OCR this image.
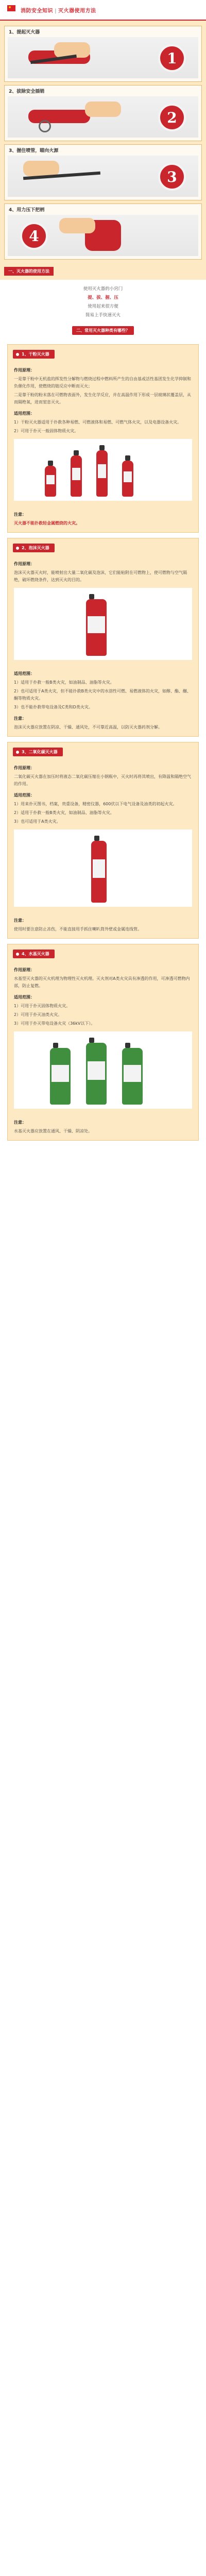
消防安全知识 | 灭火器使用方法
1、提起灭火器
1
2、拔除安全插销
2
3、握住喷管，瞄向火源
3
4、用力压下把柄
4
一、灭火器的使用方法
使用灭火器的小窍门
提、拔、握、压
使用起来很方便
简易上手快速灭火
二、常用灭火器种类有哪些？
1、干粉灭火器
作用原理：

一是靠干粉中无机盐的挥发性分解物与燃烧过程中燃料所产生的自由基或活性基团发生化学抑制和负催化作用，使燃烧的链反应中断而灭火；

二是靠干粉的粉末落在可燃物表面外，发生化学反应，并在高温作用下形成一层玻璃状覆盖层，从而隔绝氧，进而窒息灭火。

适用范围：

1）干粉灭火器适用于扑救各种易燃、可燃液体和易燃、可燃气体火灾，以及电器设备火灾。

2）可用于扑灭一般固体物质火灾。

注意：

灭火器不能扑救轻金属燃烧的火灾。

2、泡沫灭火器
作用原理：

泡沫灭火器灭火时，能喷射出大量二氧化碳及泡沫，它们能粘附在可燃物上，使可燃物与空气隔绝，破坏燃烧条件，达到灭火的目的。

适用范围：

1）适用于扑救一般B类火灾，如油制品、油脂等火灾。

2）也可适用于A类火灾，但不能扑救B类火灾中的水溶性可燃、易燃液体的火灾，如醇、酯、醚、酮等物质火灾。

3）也不能扑救带电设备及C类和D类火灾。

注意：

泡沫灭火器应放置在阴凉、干燥、通风处，不可靠近高温，以防灭火器药剂分解。

3、二氧化碳灭火器
作用原理：

二氧化碳灭火器在加压时将液态二氧化碳压缩在小钢瓶中，灭火时再将其喷出，有降温和隔绝空气的作用。

适用范围：

1）用来扑灭图书，档案，贵重设备，精密仪器，600伏以下电气设备及油类的初起火灾。

2）适用于扑救一般B类火灾，如油制品、油脂等火灾。

3）也可适用于A类火灾。

注意：

使用时要注意防止冻伤，不能直接用手抓住喇叭筒外壁或金属连线管。

4、水基灭火器
作用原理：

水基型灭火器的灭火机理为物理性灭火机理。灭火剂对A类火灾具有渗透的作用，可渗透可燃物内部，防止复燃。

适用范围：

1）可用于扑灭固体物质火灾。

2）可用于扑灭油类火灾。

3）可用于扑灭带电设备火灾（36kV以下）。

注意：

水基灭火器应放置在通风、干燥、阴凉处。
